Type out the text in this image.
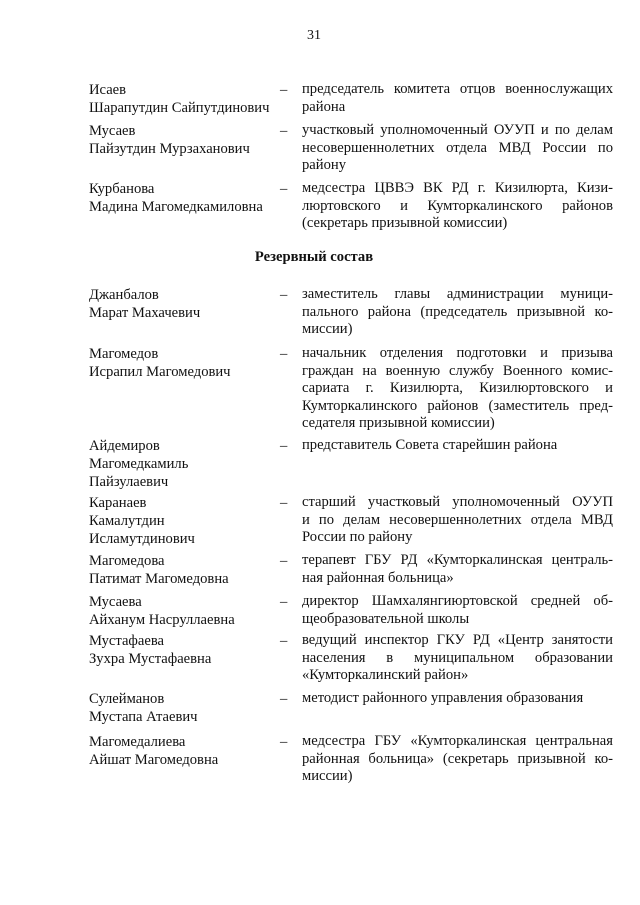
31
Исаев
Шарапутдин Сайпутдинович
– председатель комитета отцов военнослужащих
района
Мусаев
Пайзутдин Мурзаханович
– участковый уполномоченный ОУУП и по делам
несовершеннолетних отдела МВД России по
району
Курбанова
Мадина Магомедкамиловна
– медсестра ЦВВЭ ВК РД г. Кизилюрта, Кизи-
люртовского и Кумторкалинского районов
(секретарь призывной комиссии)
Резервный состав
Джанбалов
Марат Махачевич
– заместитель главы администрации муници-
пального района (председатель призывной ко-
миссии)
Магомедов
Исрапил Магомедович
– начальник отделения подготовки и призыва
граждан на военную службу Военного комис-
сариата г. Кизилюрта, Кизилюртовского и
Кумторкалинского районов (заместитель пред-
седателя призывной комиссии)
Айдемиров
Магомедкамиль
Пайзулаевич
– представитель Совета старейшин района
Каранаев
Камалутдин
Исламутдинович
– старший участковый уполномоченный ОУУП
и по делам несовершеннолетних отдела МВД
России по району
Магомедова
Патимат Магомедовна
– терапевт ГБУ РД «Кумторкалинская централь-
ная районная больница»
Мусаева
Айханум Насруллаевна
– директор Шамхалянгиюртовской средней об-
щеобразовательной школы
Мустафаева
Зухра Мустафаевна
– ведущий инспектор ГКУ РД «Центр занятости
населения в муниципальном образовании
«Кумторкалинский район»
Сулейманов
Мустапа Атаевич
– методист районного управления образования
Магомедалиева
Айшат Магомедовна
– медсестра ГБУ «Кумторкалинская центральная
районная больница» (секретарь призывной ко-
миссии)
